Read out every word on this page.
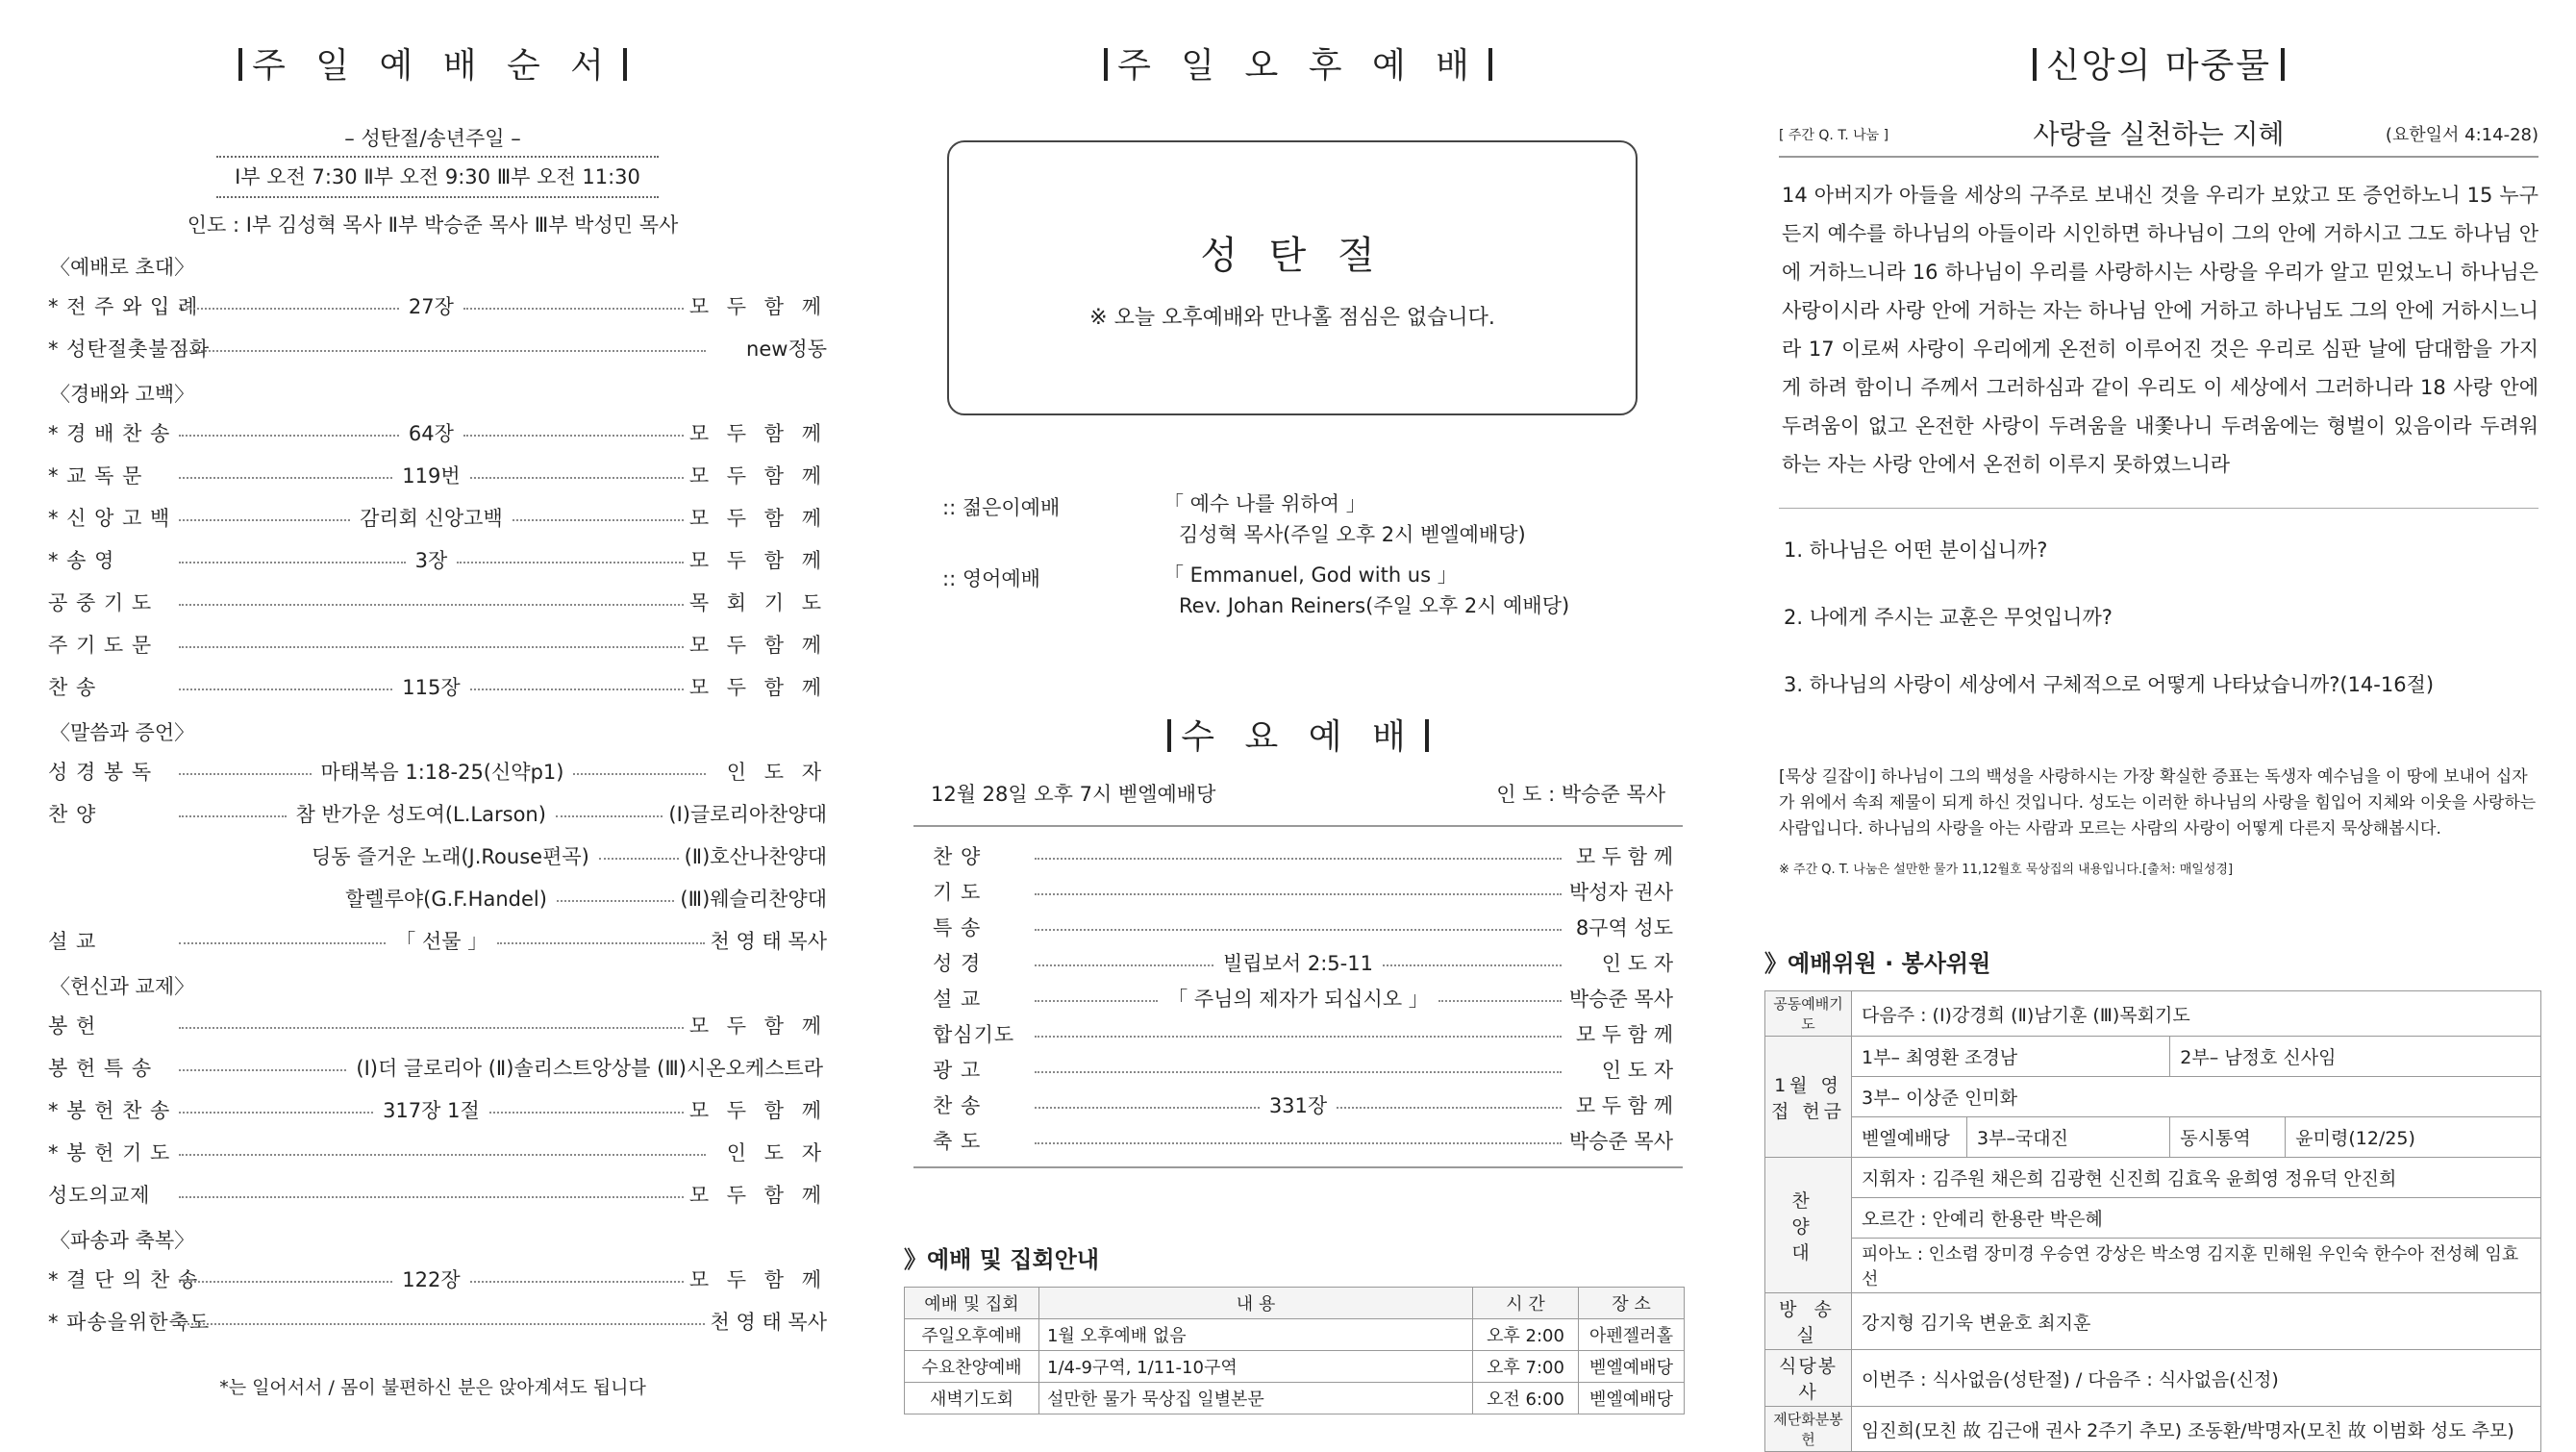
주 일 예 배 순 서
– 성탄절/송년주일 –
Ⅰ부 오전 7:30 Ⅱ부 오전 9:30 Ⅲ부 오전 11:30
인도 : Ⅰ부 김성혁 목사 Ⅱ부 박승준 목사 Ⅲ부 박성민 목사
〈예배로 초대〉
* 전 주 와 입 례	27장	모 두 함 께
* 성탄절촛불점화	new정동
〈경배와 고백〉
* 경 배 찬 송	64장	모 두 함 께
* 교 독 문	119번	모 두 함 께
* 신 앙 고 백	감리회 신앙고백	모 두 함 께
* 송 영	3장	모 두 함 께
공 중 기 도	목 회 기 도
주 기 도 문	모 두 함 께
찬 송	115장	모 두 함 께
〈말씀과 증언〉
성 경 봉 독	마태복음 1:18-25(신약p1)	인 도 자
찬 양	참 반가운 성도여(L.Larson)	(Ⅰ)글로리아찬양대
딩동 즐거운 노래(J.Rouse편곡)	(Ⅱ)호산나찬양대
할렐루야(G.F.Handel)	(Ⅲ)웨슬리찬양대
설 교	「 선물 」	천 영 태 목사
〈헌신과 교제〉
봉 헌	모 두 함 께
봉 헌 특 송	(Ⅰ)더 글로리아 (Ⅱ)솔리스트앙상블 (Ⅲ)시온오케스트라
* 봉 헌 찬 송	317장 1절	모 두 함 께
* 봉 헌 기 도	인 도 자
성도의교제	모 두 함 께
〈파송과 축복〉
* 결 단 의 찬 송	122장	모 두 함 께
* 파송을위한축도	천 영 태 목사
*는 일어서서 / 몸이 불편하신 분은 앉아계셔도 됩니다
주 일 오 후 예 배
성 탄 절
※ 오늘 오후예배와 만나홀 점심은 없습니다.
:: 젊은이예배	「 예수 나를 위하여 」
김성혁 목사(주일 오후 2시 벧엘예배당)
:: 영어예배	「 Emmanuel, God with us 」
Rev. Johan Reiners(주일 오후 2시 예배당)
수 요 예 배
12월 28일 오후 7시 벧엘예배당	인 도 : 박승준 목사
찬 양	모 두 함 께
기 도	박성자 권사
특 송	8구역 성도
성 경	빌립보서 2:5-11	인 도 자
설 교	「 주님의 제자가 되십시오 」	박승준 목사
합심기도	모 두 함 께
광 고	인 도 자
찬 송	331장	모 두 함 께
축 도	박승준 목사
》예배 및 집회안내
예배 및 집회	내 용	시 간	장 소
주일오후예배	1월 오후예배 없음	오후 2:00	아펜젤러홀
수요찬양예배	1/4-9구역, 1/11-10구역	오후 7:00	벧엘예배당
새벽기도회	설만한 물가 묵상집 일별본문	오전 6:00	벧엘예배당
신앙의 마중물
[ 주간 Q. T. 나눔 ]	사랑을 실천하는 지혜	(요한일서 4:14-28)
14 아버지가 아들을 세상의 구주로 보내신 것을 우리가 보았고 또 증언하노니 15 누구든지 예수를 하나님의 아들이라 시인하면 하나님이 그의 안에 거하시고 그도 하나님 안에 거하느니라 16 하나님이 우리를 사랑하시는 사랑을 우리가 알고 믿었노니 하나님은 사랑이시라 사랑 안에 거하는 자는 하나님 안에 거하고 하나님도 그의 안에 거하시느니라 17 이로써 사랑이 우리에게 온전히 이루어진 것은 우리로 심판 날에 담대함을 가지게 하려 함이니 주께서 그러하심과 같이 우리도 이 세상에서 그러하니라 18 사랑 안에 두려움이 없고 온전한 사랑이 두려움을 내쫓나니 두려움에는 형벌이 있음이라 두려워하는 자는 사랑 안에서 온전히 이루지 못하였느니라
1. 하나님은 어떤 분이십니까?
2. 나에게 주시는 교훈은 무엇입니까?
3. 하나님의 사랑이 세상에서 구체적으로 어떻게 나타났습니까?(14-16절)
[묵상 길잡이] 하나님이 그의 백성을 사랑하시는 가장 확실한 증표는 독생자 예수님을 이 땅에 보내어 십자가 위에서 속죄 제물이 되게 하신 것입니다. 성도는 이러한 하나님의 사랑을 힘입어 지체와 이웃을 사랑하는 사람입니다. 하나님의 사랑을 아는 사람과 모르는 사람의 사랑이 어떻게 다른지 묵상해봅시다.
※ 주간 Q. T. 나눔은 설만한 물가 11,12월호 묵상집의 내용입니다.[출처: 매일성경]
》예배위원 · 봉사위원
공동예배기도	다음주 : (Ⅰ)강경희 (Ⅱ)남기훈 (Ⅲ)목회기도			
1월 영접 헌금	1부– 최영환 조경남		2부– 남정호 신사임	
	3부– 이상준 인미화			
	벧엘예배당	3부–국대진	동시통역	윤미령(12/25)
찬 양 대	지휘자 : 김주원 채은희 김광현 신진희 김효욱 윤희영 정유덕 안진희			
	오르간 : 안예리 한용란 박은혜			
	피아노 : 인소렴 장미경 우승연 강상은 박소영 김지훈 민해원 우인숙 한수아 전성혜 임효선			
방 송 실	강지형 김기욱 변윤호 최지훈			
식당봉사	이번주 : 식사없음(성탄절) / 다음주 : 식사없음(신정)			
제단화분봉헌	임진희(모친 故 김근애 권사 2주기 추모) 조동환/박명자(모친 故 이범화 성도 추모)			
